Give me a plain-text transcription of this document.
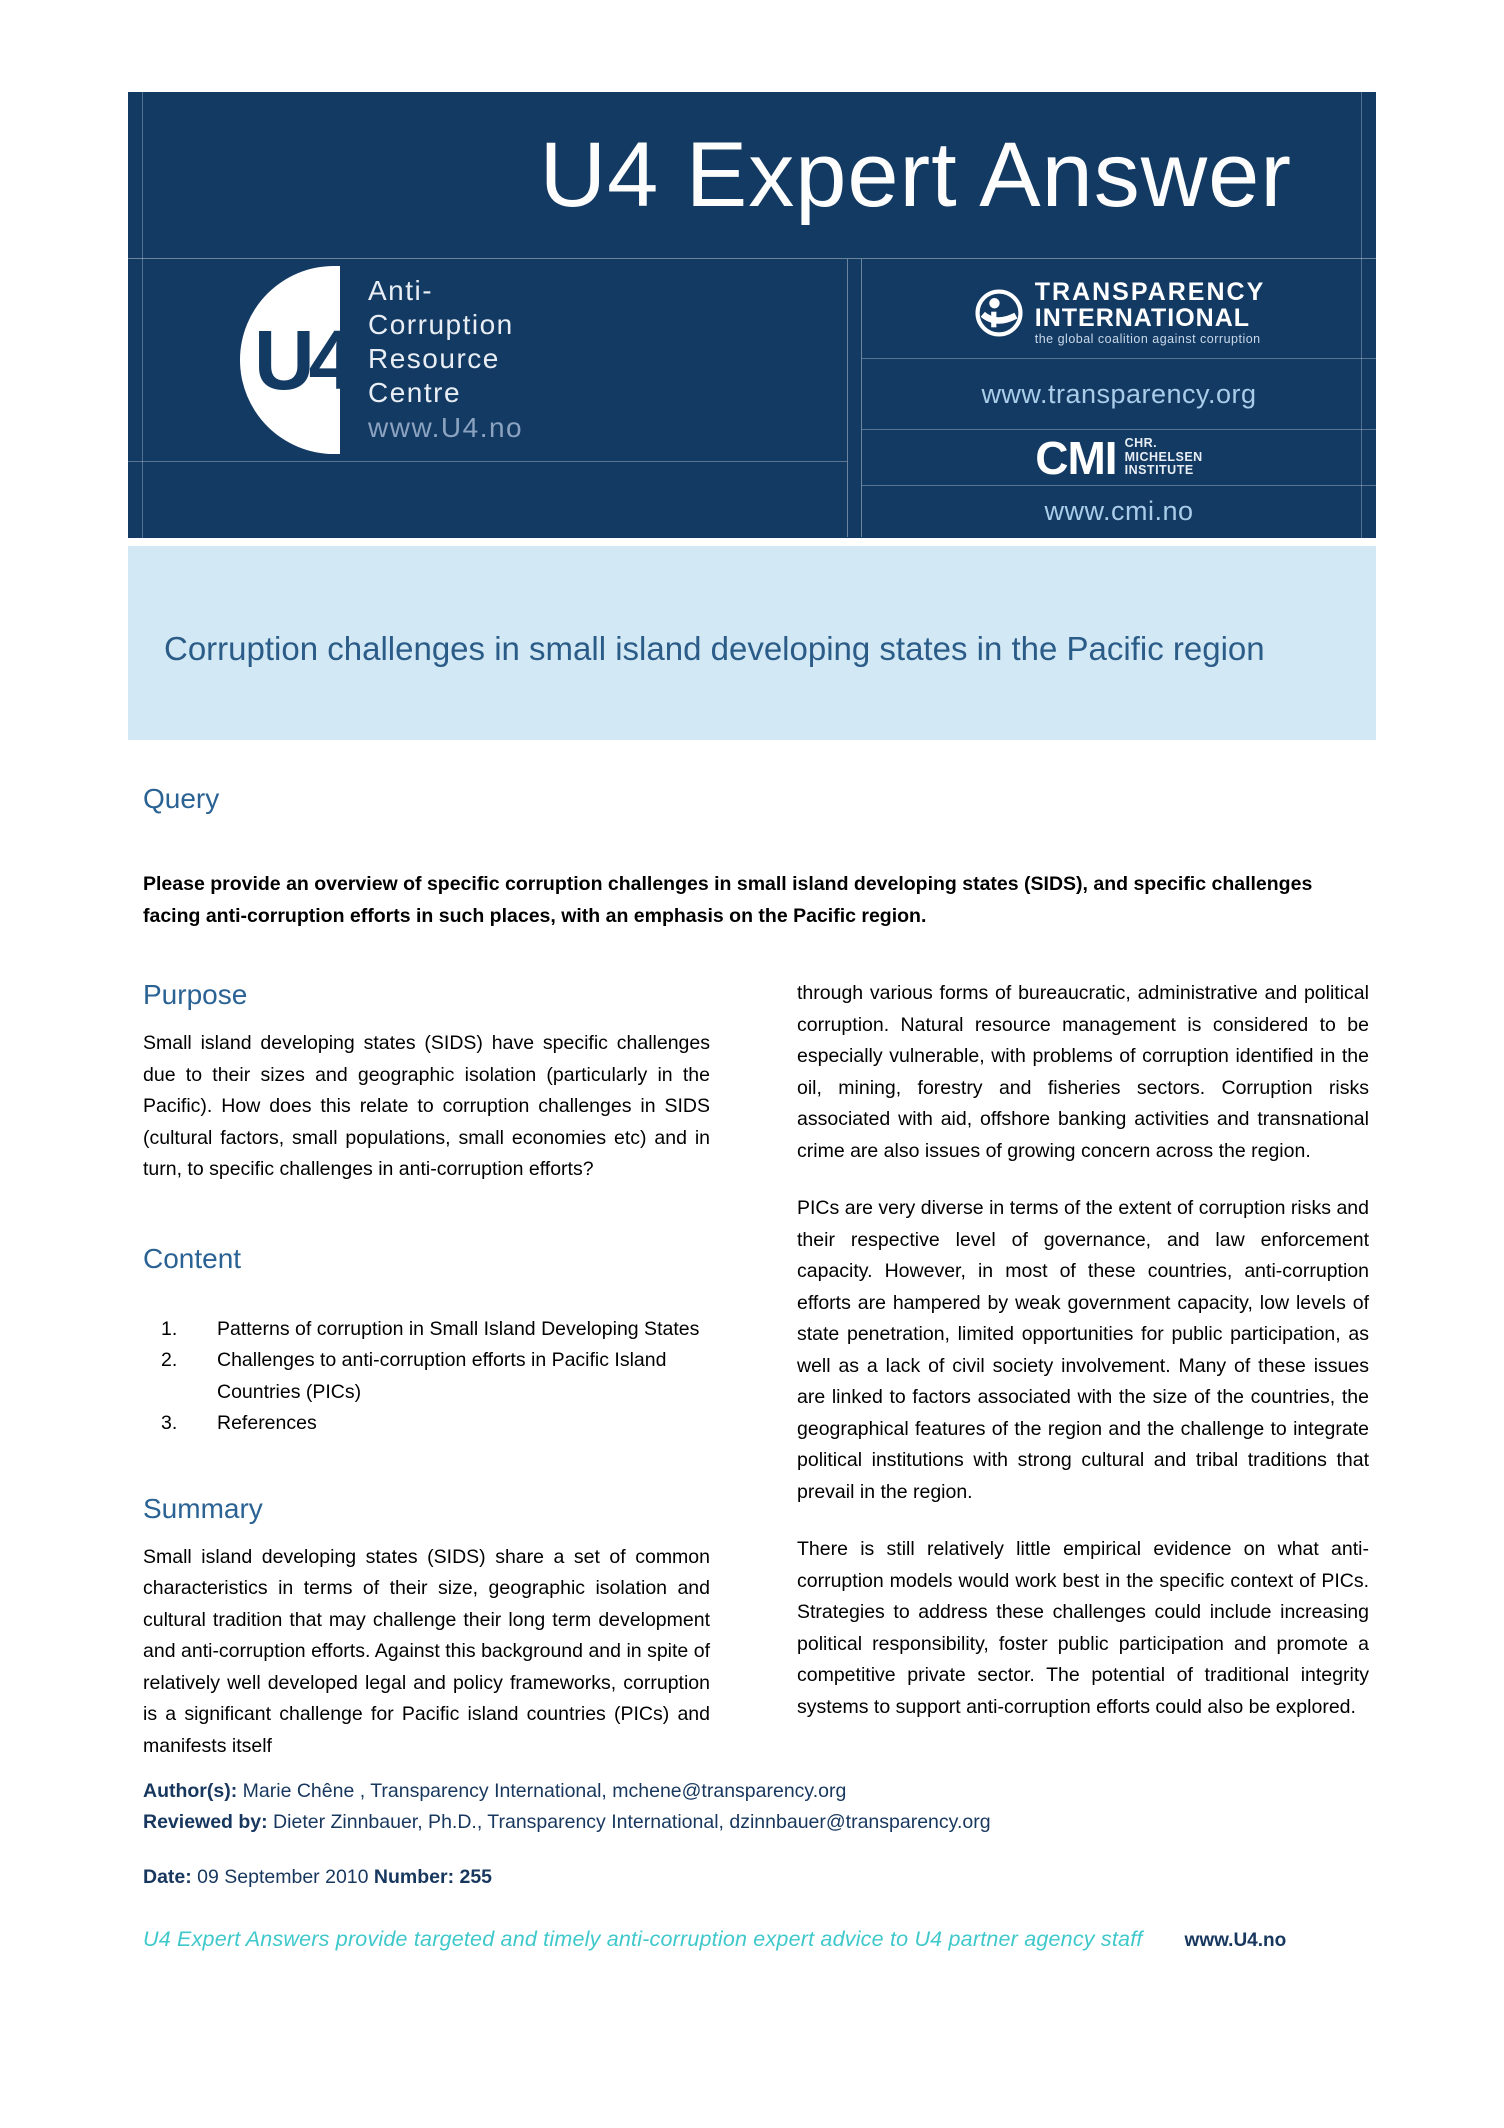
U4 Expert Answer
U4
Anti-
Corruption
Resource
Centre
www.U4.no
TRANSPARENCY
INTERNATIONAL
the global coalition against corruption
www.transparency.org
CMI CHR.
MICHELSEN
INSTITUTE
www.cmi.no
Corruption challenges in small island developing states in the Pacific region
Query

Please provide an overview of specific corruption challenges in small island developing states (SIDS), and specific challenges facing anti-corruption efforts in such places, with an emphasis on the Pacific region.

Purpose

Small island developing states (SIDS) have specific challenges due to their sizes and geographic isolation (particularly in the Pacific). How does this relate to corruption challenges in SIDS (cultural factors, small populations, small economies etc) and in turn, to specific challenges in anti-corruption efforts?

Content
1.	Patterns of corruption in Small Island Developing States
2.	Challenges to anti-corruption efforts in Pacific Island Countries (PICs)
3.	References
Summary

Small island developing states (SIDS) share a set of common characteristics in terms of their size, geographic isolation and cultural tradition that may challenge their long term development and anti-corruption efforts. Against this background and in spite of relatively well developed legal and policy frameworks, corruption is a significant challenge for Pacific island countries (PICs) and manifests itself

through various forms of bureaucratic, administrative and political corruption. Natural resource management is considered to be especially vulnerable, with problems of corruption identified in the oil, mining, forestry and fisheries sectors. Corruption risks associated with aid, offshore banking activities and transnational crime are also issues of growing concern across the region.

PICs are very diverse in terms of the extent of corruption risks and their respective level of governance, and law enforcement capacity. However, in most of these countries, anti-corruption efforts are hampered by weak government capacity, low levels of state penetration, limited opportunities for public participation, as well as a lack of civil society involvement. Many of these issues are linked to factors associated with the size of the countries, the geographical features of the region and the challenge to integrate political institutions with strong cultural and tribal traditions that prevail in the region.

There is still relatively little empirical evidence on what anti-corruption models would work best in the specific context of PICs. Strategies to address these challenges could include increasing political responsibility, foster public participation and promote a competitive private sector. The potential of traditional integrity systems to support anti-corruption efforts could also be explored.

Author(s): Marie Chêne , Transparency International, mchene@transparency.org

Reviewed by: Dieter Zinnbauer, Ph.D., Transparency International, dzinnbauer@transparency.org

Date: 09 September 2010 Number: 255

U4 Expert Answers provide targeted and timely anti-corruption expert advice to U4 partner agency staff www.U4.no
